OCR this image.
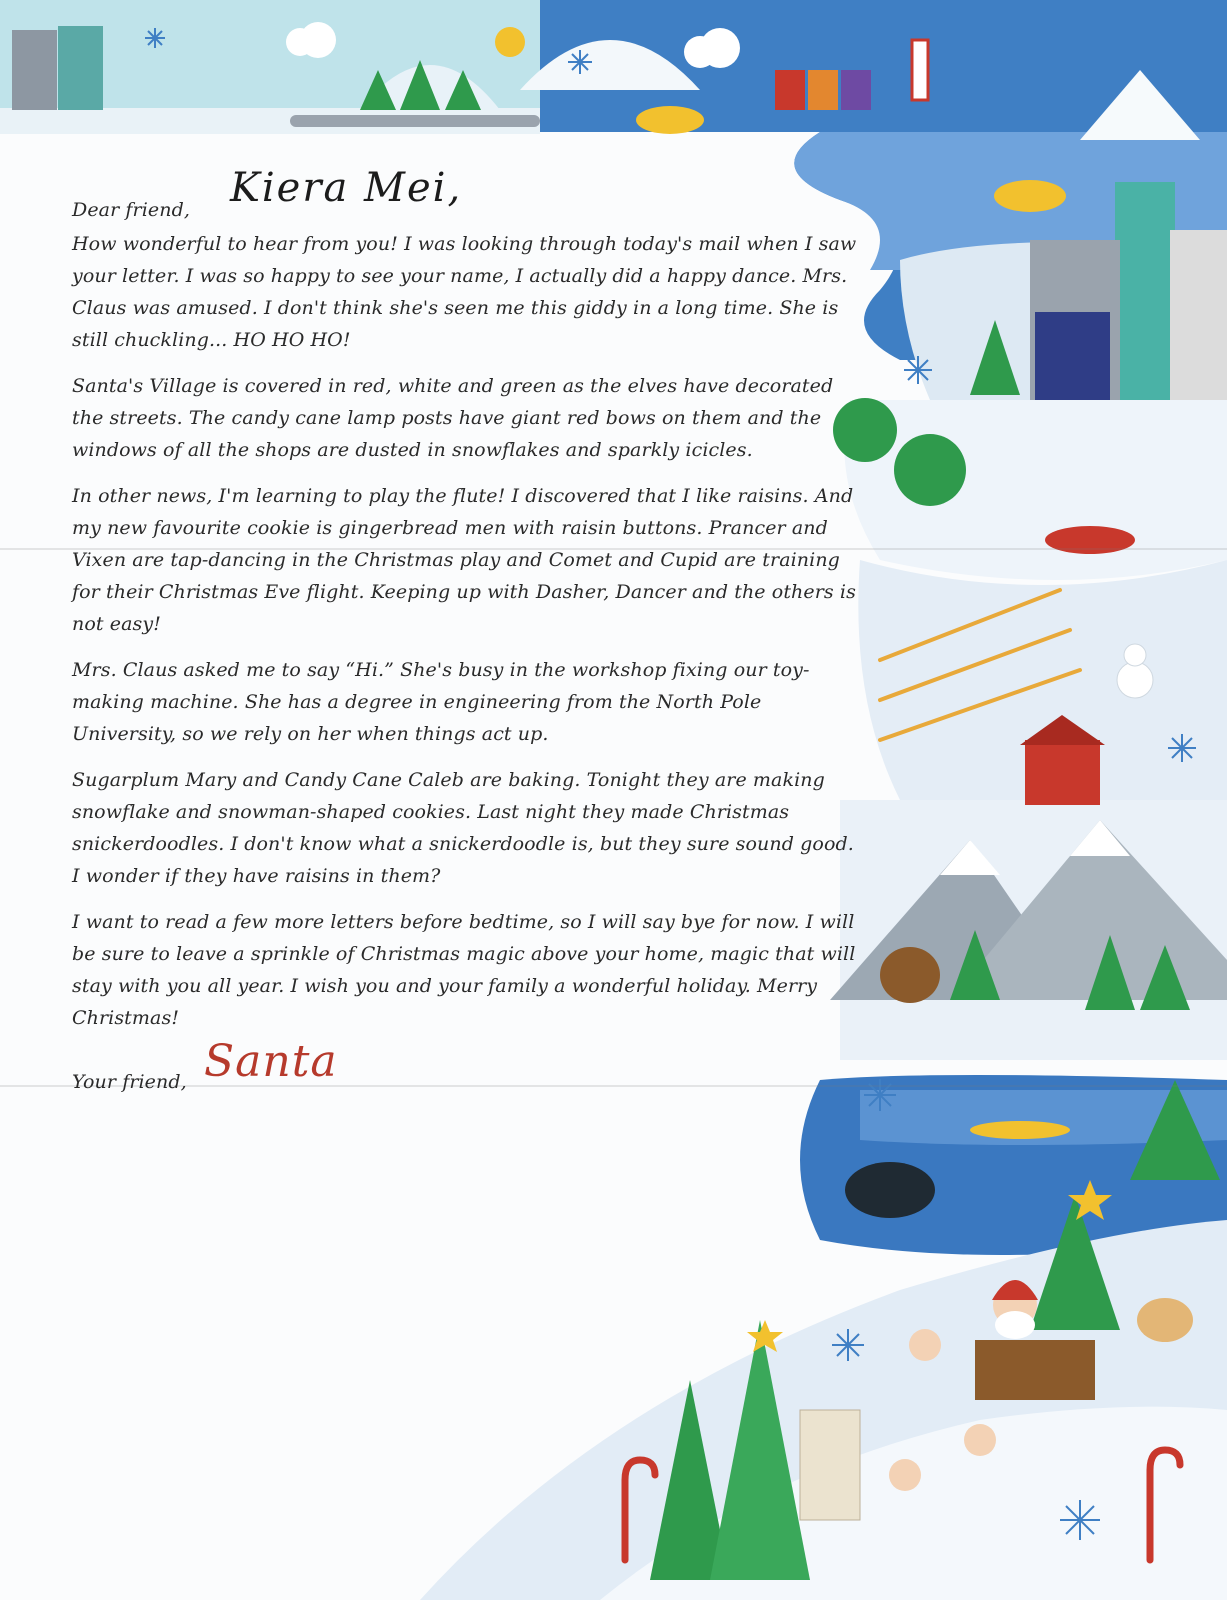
Dear friend, Kiera Mei,

How wonderful to hear from you! I was looking through today's mail when I saw your letter. I was so happy to see your name, I actually did a happy dance. Mrs. Claus was amused. I don't think she's seen me this giddy in a long time. She is still chuckling... HO HO HO!

Santa's Village is covered in red, white and green as the elves have decorated the streets. The candy cane lamp posts have giant red bows on them and the windows of all the shops are dusted in snowflakes and sparkly icicles.

In other news, I'm learning to play the flute! I discovered that I like raisins. And my new favourite cookie is gingerbread men with raisin buttons. Prancer and Vixen are tap-dancing in the Christmas play and Comet and Cupid are training for their Christmas Eve flight. Keeping up with Dasher, Dancer and the others is not easy!

Mrs. Claus asked me to say “Hi.” She's busy in the workshop fixing our toy-making machine. She has a degree in engineering from the North Pole University, so we rely on her when things act up.

Sugarplum Mary and Candy Cane Caleb are baking. Tonight they are making snowflake and snowman-shaped cookies. Last night they made Christmas snickerdoodles. I don't know what a snickerdoodle is, but they sure sound good. I wonder if they have raisins in them?

I want to read a few more letters before bedtime, so I will say bye for now. I will be sure to leave a sprinkle of Christmas magic above your home, magic that will stay with you all year. I wish you and your family a wonderful holiday. Merry Christmas!

Your friend, Santa
